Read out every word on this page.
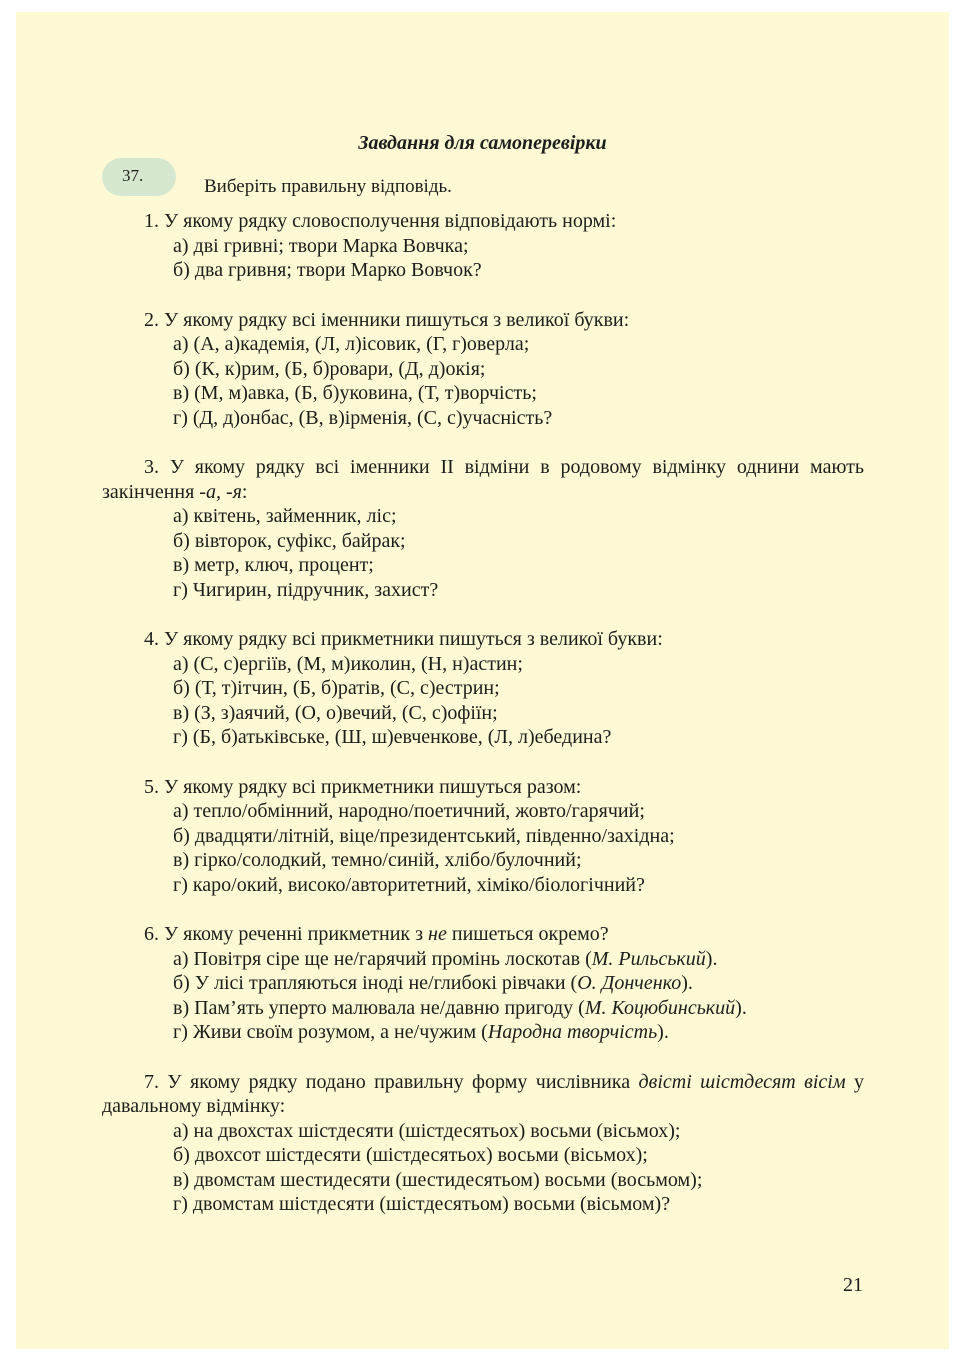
Завдання для самоперевірки
37.
Виберіть правильну відповідь.
1. У якому рядку словосполучення відповідають нормі:
а) дві гривні; твори Марка Вовчка;
б) два гривня; твори Марко Вовчок?
2. У якому рядку всі іменники пишуться з великої букви:
а) (А, а)кадемія, (Л, л)ісовик, (Г, г)оверла;
б) (К, к)рим, (Б, б)ровари, (Д, д)окія;
в) (М, м)авка, (Б, б)уковина, (Т, т)ворчість;
г) (Д, д)онбас, (В, в)ірменія, (С, с)учасність?
3. У якому рядку всі іменники ІІ відміни в родовому відмінку однини мають закінчення -а, -я:
а) квітень, займенник, ліс;
б) вівторок, суфікс, байрак;
в) метр, ключ, процент;
г) Чигирин, підручник, захист?
4. У якому рядку всі прикметники пишуться з великої букви:
а) (С, с)ергіїв, (М, м)иколин, (Н, н)астин;
б) (Т, т)ітчин, (Б, б)ратів, (С, с)естрин;
в) (З, з)аячий, (О, о)вечий, (С, с)офіїн;
г) (Б, б)атьківське, (Ш, ш)евченкове, (Л, л)ебедина?
5. У якому рядку всі прикметники пишуться разом:
а) тепло/обмінний, народно/поетичний, жовто/гарячий;
б) двадцяти/літній, віце/президентський, південно/західна;
в) гірко/солодкий, темно/синій, хлібо/булочний;
г) каро/окий, високо/авторитетний, хіміко/біологічний?
6. У якому реченні прикметник з не пишеться окремо?
а) Повітря сіре ще не/гарячий промінь лоскотав (М. Рильський).
б) У лісі трапляються іноді не/глибокі рівчаки (О. Донченко).
в) Пам’ять уперто малювала не/давню пригоду (М. Коцюбинський).
г) Живи своїм розумом, а не/чужим (Народна творчість).
7. У якому рядку подано правильну форму числівника двісті шістдесят вісім у давальному відмінку:
а) на двохстах шістдесяти (шістдесятьох) восьми (вісьмох);
б) двохсот шістдесяти (шістдесятьох) восьми (вісьмох);
в) двомстам шестидесяти (шестидесятьом) восьми (восьмом);
г) двомстам шістдесяти (шістдесятьом) восьми (вісьмом)?
21
